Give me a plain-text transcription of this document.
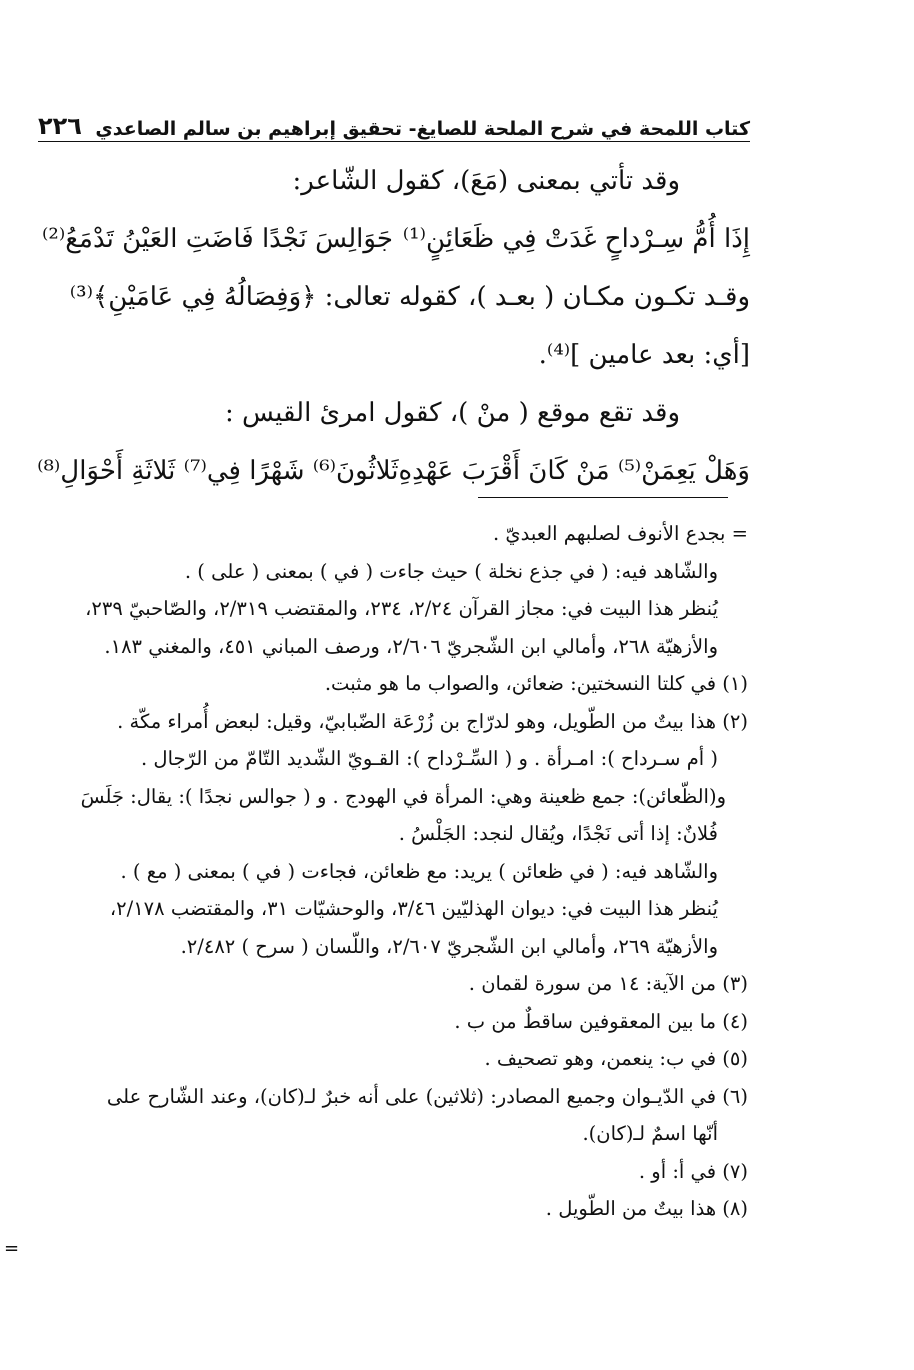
كتاب اللمحة في شرح الملحة للصايغ- تحقيق إبراهيم بن سالم الصاعدي
٢٢٦
وقد تأتي بمعنى (مَعَ)، كقول الشّاعر:
إِذَا أُمُّ سِـرْداحٍ غَدَتْ فِي ظَعَائِنٍ⁽¹⁾
جَوَالِسَ نَجْدًا فَاضَتِ العَيْنُ تَدْمَعُ⁽²⁾
وقـد تكـون مكـان ( بعـد )، كقوله تعالى: ﴿وَفِصَالُهُ فِي عَامَيْنِ﴾⁽³⁾
[أي: بعد عامين ]⁽⁴⁾.
وقد تقع موقع ( منْ )، كقول امرئ القيس :
وَهَلْ يَعِمَنْ⁽⁵⁾ مَنْ كَانَ أَقْرَبَ عَهْدِهِ
ثَلاثُونَ⁽⁶⁾ شَهْرًا فِي⁽⁷⁾ ثَلاثَةِ أَحْوَالِ⁽⁸⁾
= بجدع الأنوف لصلبهم العبديّ .
والشّاهد فيه: ( في جذع نخلة ) حيث جاءت ( في ) بمعنى ( على ) .
يُنظر هذا البيت في: مجاز القرآن ٢/٢٤، ٢٣٤، والمقتضب ٢/٣١٩، والصّاحبيّ ٢٣٩،
والأزهيّة ٢٦٨، وأمالي ابن الشّجريّ ٢/٦٠٦، ورصف المباني ٤٥١، والمغني ١٨٣.
(١) في كلتا النسختين: ضعائن، والصواب ما هو مثبت.
(٢) هذا بيتٌ من الطّويل، وهو لدرّاج بن زُرْعَة الضّبابيّ، وقيل: لبعض أُمراء مكّة .
( أم سـرداح ): امـرأة . و ( السِّـرْداح ): القـويّ الشّديد التّامّ من الرّجال .
و(الظّعائن): جمع ظعينة وهي: المرأة في الهودج . و ( جوالس نجدًا ): يقال: جَلَسَ
فُلانٌ: إذا أتى نَجْدًا، ويُقال لنجد: الجَلْسُ .
والشّاهد فيه: ( في ظعائن ) يريد: مع ظعائن، فجاءت ( في ) بمعنى ( مع ) .
يُنظر هذا البيت في: ديوان الهذليّين ٣/٤٦، والوحشيّات ٣١، والمقتضب ٢/١٧٨،
والأزهيّة ٢٦٩، وأمالي ابن الشّجريّ ٢/٦٠٧، واللّسان ( سرح ) ٢/٤٨٢.
(٣) من الآية: ١٤ من سورة لقمان .
(٤) ما بين المعقوفين ساقطٌ من ب .
(٥) في ب: ينعمن، وهو تصحيف .
(٦) في الدّيـوان وجميع المصادر: (ثلاثين) على أنه خبرٌ لـ(كان)، وعند الشّارح على
أنّها اسمٌ لـ(كان).
(٧) في أ: أو .
(٨) هذا بيتٌ من الطّويل .
=
